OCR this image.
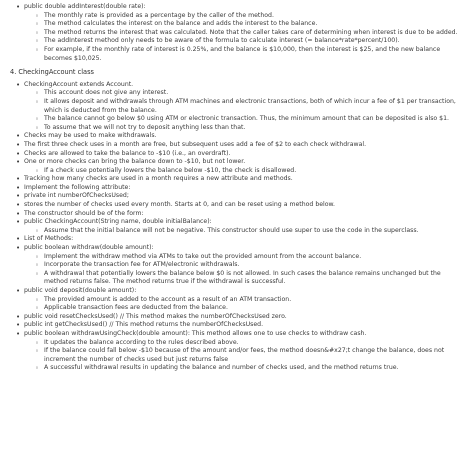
• public double addInterest(double rate):
◦ The monthly rate is provided as a percentage by the caller of the method.
◦ The method calculates the interest on the balance and adds the interest to the balance.
◦ The method returns the interest that was calculated. Note that the caller takes care of determining when interest is due to be added.
◦ The addInterest method only needs to be aware of the formula to calculate interest (= balance*rate*percent/100).
◦ For example, if the monthly rate of interest is 0.25%, and the balance is $10,000, then the interest is $25, and the new balance becomes $10,025.
4. CheckingAccount class
• CheckingAccount extends Account.
◦ This account does not give any interest.
◦ It allows deposit and withdrawals through ATM machines and electronic transactions, both of which incur a fee of $1 per transaction, which is deducted from the balance.
◦ The balance cannot go below $0 using ATM or electronic transaction. Thus, the minimum amount that can be deposited is also $1.
◦ To assume that we will not try to deposit anything less than that.
• Checks may be used to make withdrawals.
• The first three check uses in a month are free, but subsequent uses add a fee of $2 to each check withdrawal.
• Checks are allowed to take the balance to -$10 (i.e., an overdraft).
• One or more checks can bring the balance down to -$10, but not lower.
◦ If a check use potentially lowers the balance below -$10, the check is disallowed.
• Tracking how many checks are used in a month requires a new attribute and methods.
• Implement the following attribute:
• private int numberOfChecksUsed;
• stores the number of checks used every month. Starts at 0, and can be reset using a method below.
• The constructor should be of the form:
• public CheckingAccount(String name, double initialBalance):
◦ Assume that the initial balance will not be negative. This constructor should use super to use the code in the superclass.
• List of Methods:
• public boolean withdraw(double amount):
◦ Implement the withdraw method via ATMs to take out the provided amount from the account balance.
◦ Incorporate the transaction fee for ATM/electronic withdrawals.
◦ A withdrawal that potentially lowers the balance below $0 is not allowed. In such cases the balance remains unchanged but the method returns false. The method returns true if the withdrawal is successful.
• public void deposit(double amount):
◦ The provided amount is added to the account as a result of an ATM transaction.
◦ Applicable transaction fees are deducted from the balance.
• public void resetChecksUsed() // This method makes the numberOfChecksUsed zero.
• public int getChecksUsed() // This method returns the numberOfChecksUsed.
• public boolean withdrawUsingCheck(double amount): This method allows one to use checks to withdraw cash.
◦ It updates the balance according to the rules described above.
◦ If the balance could fall below -$10 because of the amount and/or fees, the method doesn&#x27;t change the balance, does not increment the number of checks used but just returns false
◦ A successful withdrawal results in updating the balance and number of checks used, and the method returns true.
